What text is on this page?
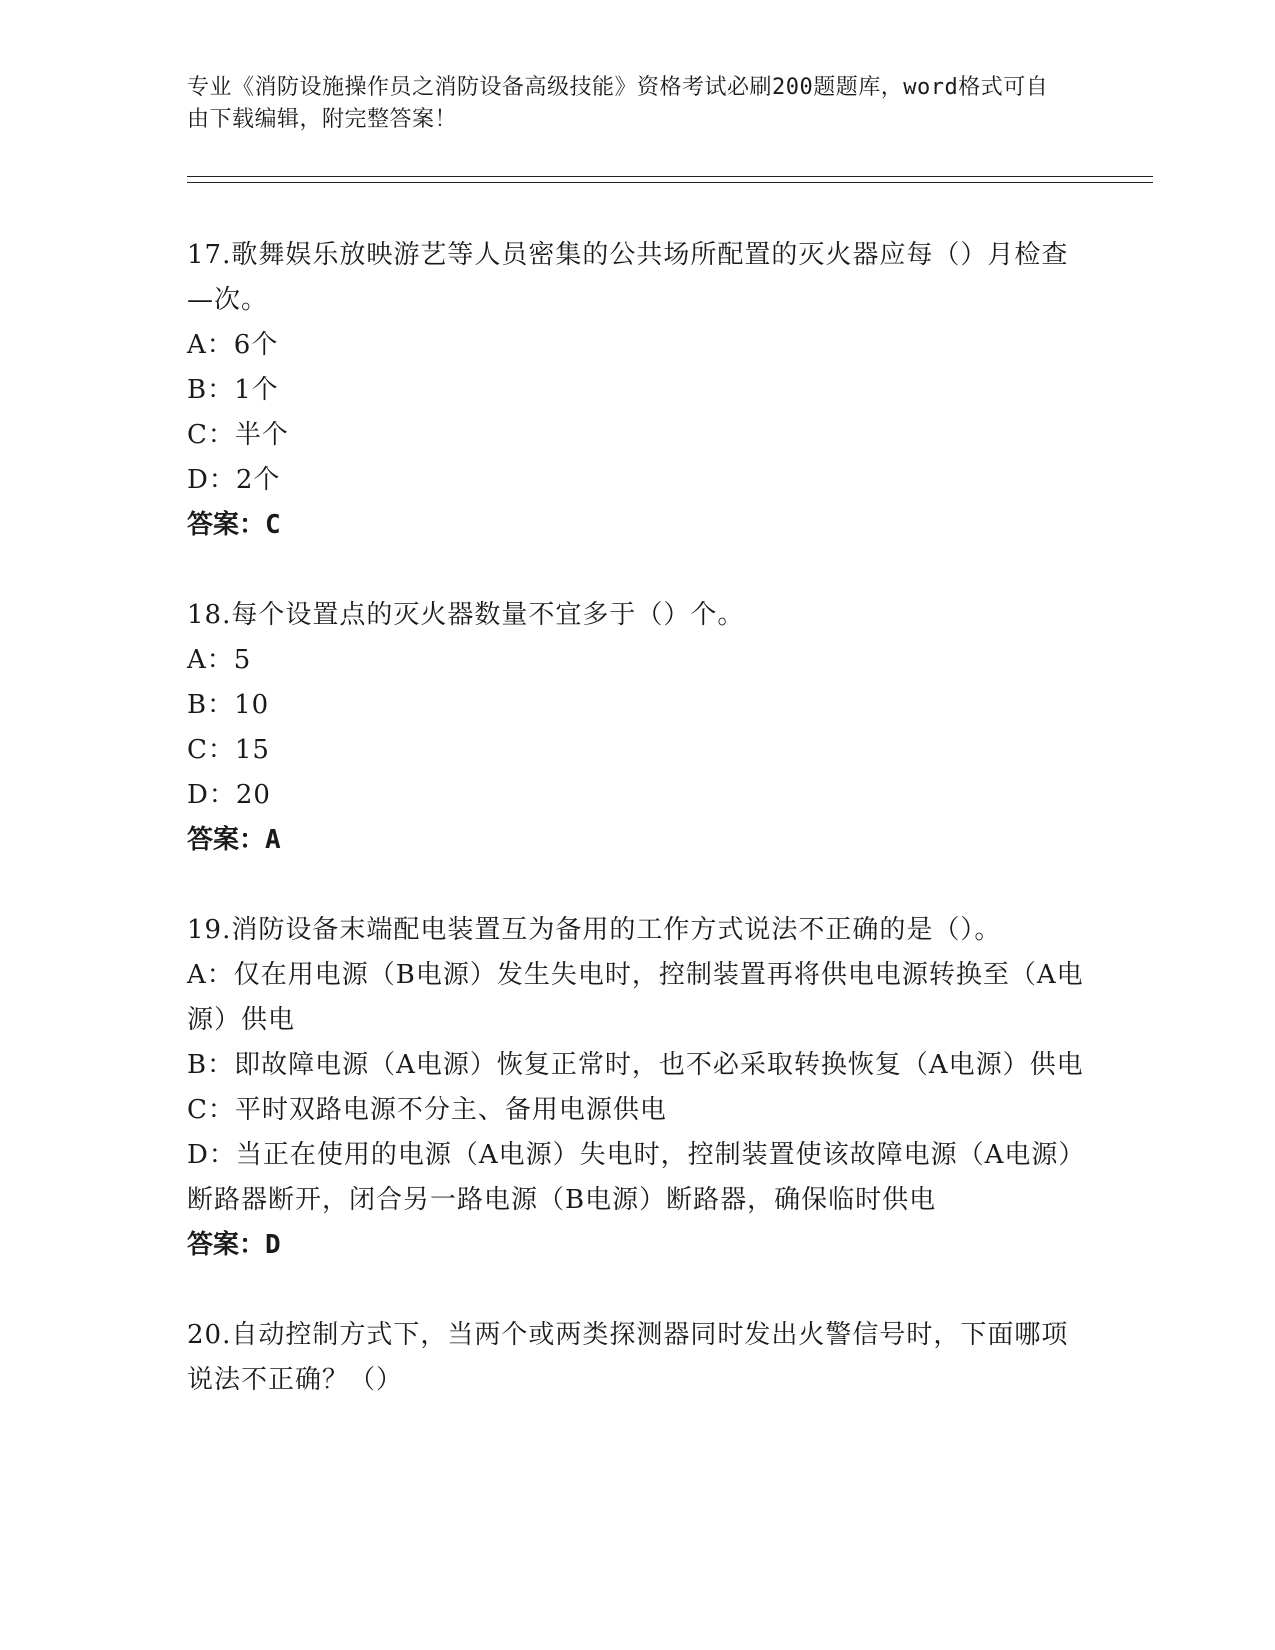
专业《消防设施操作员之消防设备高级技能》资格考试必刷200题题库，word格式可自由下载编辑，附完整答案！
17.歌舞娱乐放映游艺等人员密集的公共场所配置的灭火器应每（）月检查—次。
A：6个
B：1个
C：半个
D：2个
答案：C
18.每个设置点的灭火器数量不宜多于（）个。
A：5
B：10
C：15
D：20
答案：A
19.消防设备末端配电装置互为备用的工作方式说法不正确的是（）。
A：仅在用电源（B电源）发生失电时，控制装置再将供电电源转换至（A电源）供电
B：即故障电源（A电源）恢复正常时，也不必采取转换恢复（A电源）供电
C：平时双路电源不分主、备用电源供电
D：当正在使用的电源（A电源）失电时，控制装置使该故障电源（A电源）断路器断开，闭合另一路电源（B电源）断路器，确保临时供电
答案：D
20.自动控制方式下，当两个或两类探测器同时发出火警信号时，下面哪项说法不正确？（）
